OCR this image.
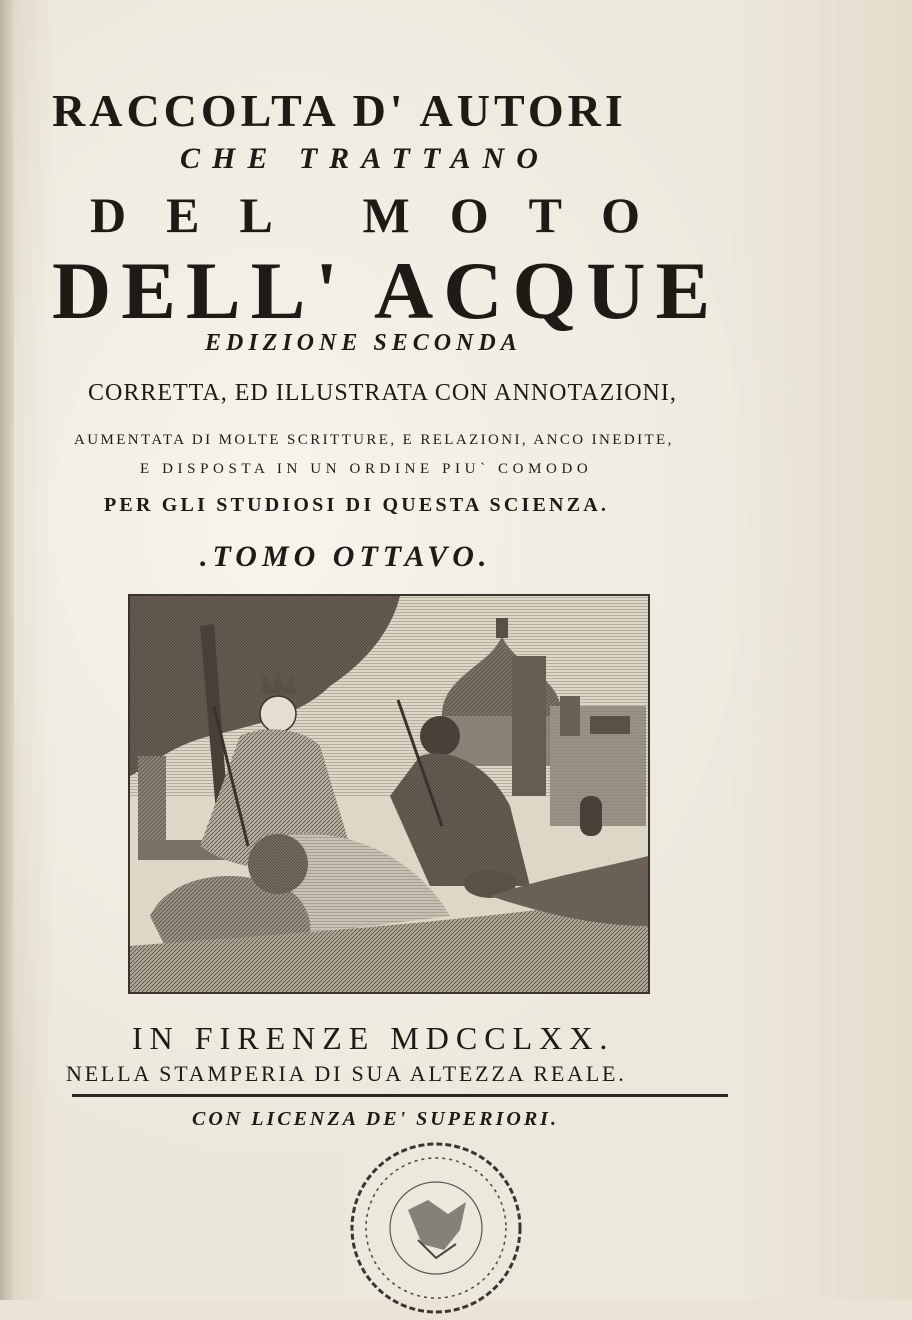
RACCOLTA D' AUTORI

CHE TRATTANO

DEL MOTO

DELL' ACQUE

EDIZIONE SECONDA

CORRETTA, ED ILLUSTRATA CON ANNOTAZIONI,

AUMENTATA DI MOLTE SCRITTURE, E RELAZIONI, ANCO INEDITE,

E DISPOSTA IN UN ORDINE PIU` COMODO

PER GLI STUDIOSI DI QUESTA SCIENZA.

.TOMO OTTAVO.

IN FIRENZE MDCCLXX.

NELLA STAMPERIA DI SUA ALTEZZA REALE.

CON LICENZA DE' SUPERIORI.
